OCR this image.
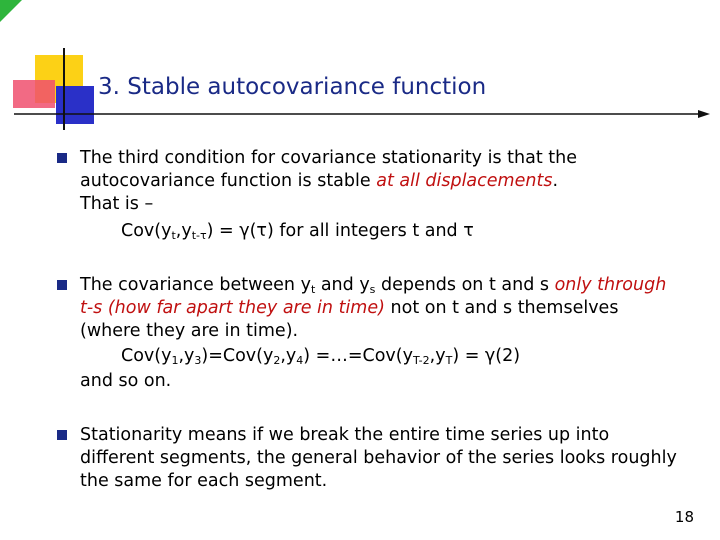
3. Stable autocovariance function
The third condition for covariance stationarity is that the
autocovariance function is stable at all displacements.
That is –
$Cov(y_t,y_{t-\tau}) = \gamma(\tau)$ for all integers t and τ
The covariance between $y_t$ and $y_s$ depends on t and s only through
t-s (how far apart they are in time) not on t and s themselves
(where they are in time).
$Cov(y_1,y_3)=Cov(y_2,y_4)$ $=\dots=Cov(y_{T-2},y_T) = \gamma(2)$
and so on.
Stationarity means if we break the entire time series up into
different segments, the general behavior of the series looks roughly
the same for each segment.
18
